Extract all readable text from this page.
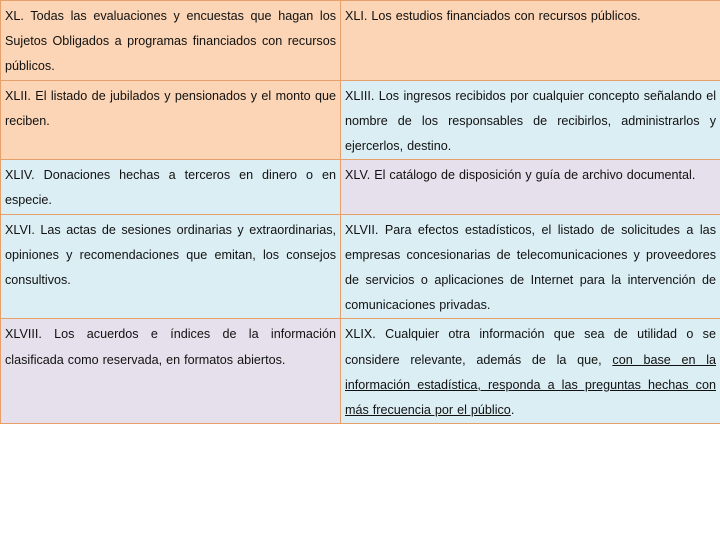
XL. Todas las evaluaciones y encuestas que hagan los Sujetos Obligados a programas financiados con recursos públicos.	XLI. Los estudios financiados con recursos públicos.
XLII. El listado de jubilados y pensionados y el monto que reciben.	XLIII. Los ingresos recibidos por cualquier concepto señalando el nombre de los responsables de recibirlos, administrarlos y ejercerlos, destino.
XLIV. Donaciones hechas a terceros en dinero o en especie.	XLV. El catálogo de disposición y guía de archivo documental.
XLVI. Las actas de sesiones ordinarias y extraordinarias, opiniones y recomendaciones que emitan, los consejos consultivos.	XLVII. Para efectos estadísticos, el listado de solicitudes a las empresas concesionarias de telecomunicaciones y proveedores de servicios o aplicaciones de Internet para la intervención de comunicaciones privadas.
XLVIII. Los acuerdos e índices de la información clasificada como reservada, en formatos abiertos.	XLIX. Cualquier otra información que sea de utilidad o se considere relevante, además de la que, con base en la información estadística, responda a las preguntas hechas con más frecuencia por el público.
